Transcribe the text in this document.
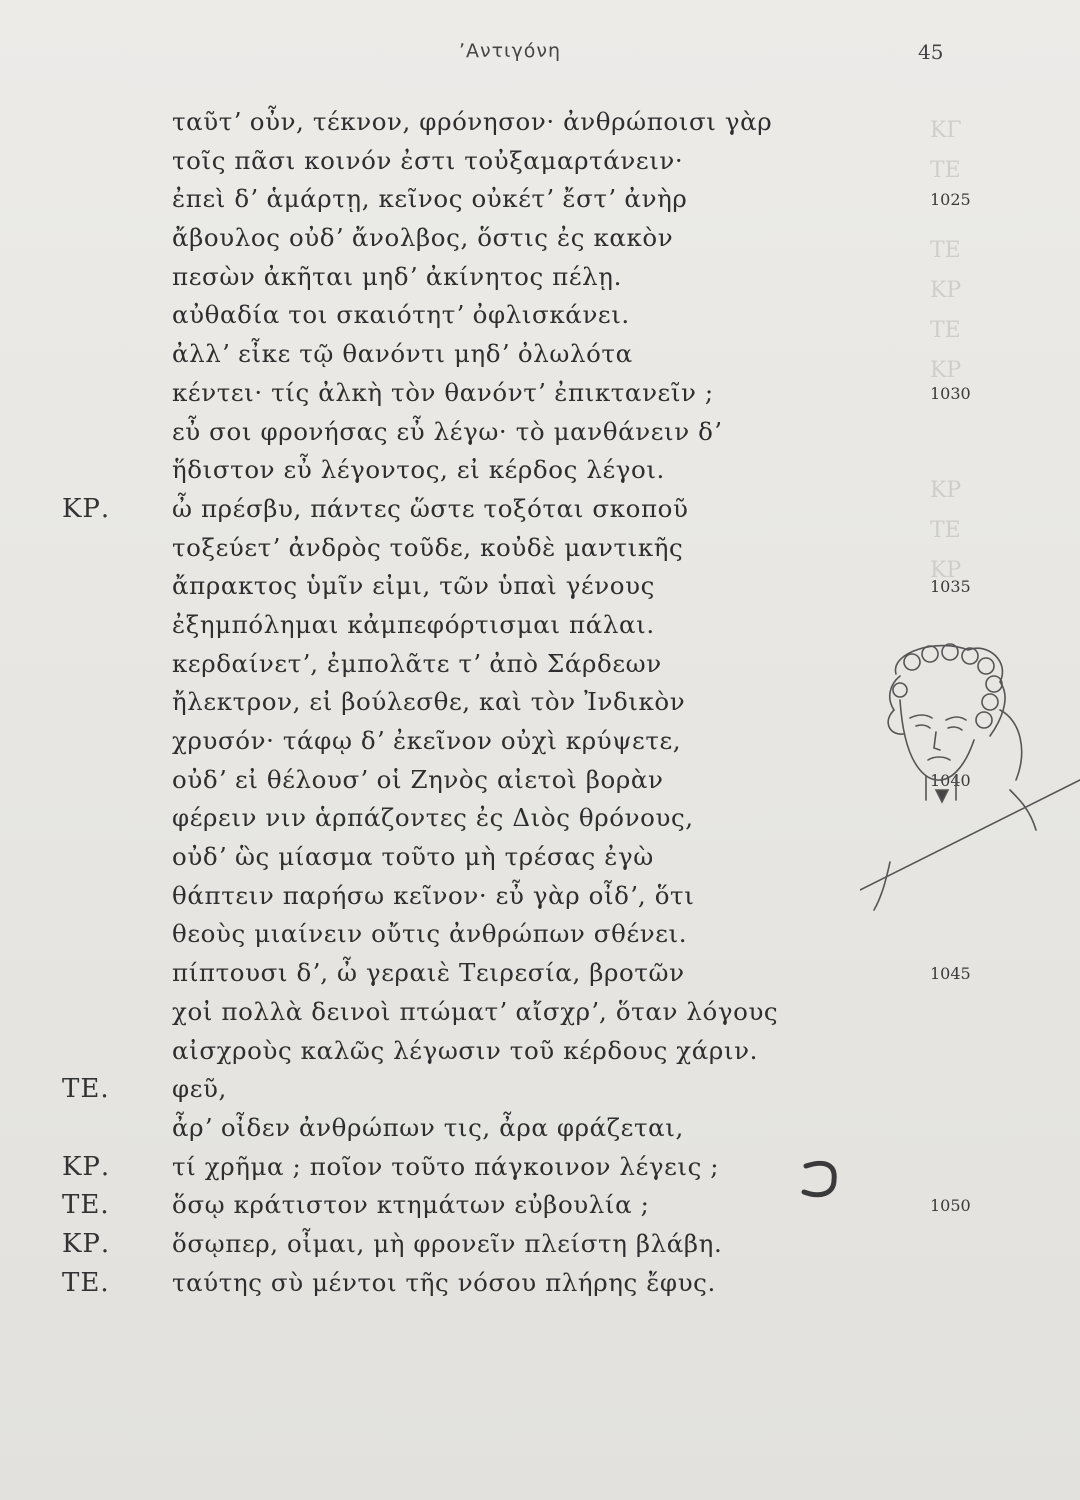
ΚΓ
ΤΕ
ΤΕ
ΚΡ
ΤΕ
ΚΡ
ΚΡ
ΤΕ
ΚΡ
ʼΑντιγόνη	45
ταῦτʼ οὖν, τέκνον, φρόνησον· ἀνθρώποισι γὰρ
τοῖς πᾶσι κοινόν ἐστι τοὐξαμαρτάνειν·
ἐπεὶ δʼ ἁμάρτῃ, κεῖνος οὐκέτʼ ἔστʼ ἀνὴρ	1025
ἄβουλος οὐδʼ ἄνολβος, ὅστις ἐς κακὸν
πεσὼν ἀκῆται μηδʼ ἀκίνητος πέλῃ.
αὐθαδία τοι σκαιότητʼ ὀφλισκάνει.
ἀλλʼ εἶκε τῷ θανόντι μηδʼ ὀλωλότα
κέντει· τίς ἀλκὴ τὸν θανόντʼ ἐπικτανεῖν ;	1030
εὖ σοι φρονήσας εὖ λέγω· τὸ μανθάνειν δʼ
ἥδιστον εὖ λέγοντος, εἰ κέρδος λέγοι.
ΚΡ.	ὦ πρέσβυ, πάντες ὥστε τοξόται σκοποῦ
τοξεύετʼ ἀνδρὸς τοῦδε, κοὐδὲ μαντικῆς
ἄπρακτος ὑμῖν εἰμι, τῶν ὑπαὶ γένους	1035
ἐξημπόλημαι κἀμπεφόρτισμαι πάλαι.
κερδαίνετʼ, ἐμπολᾶτε τʼ ἀπὸ Σάρδεων
ἤλεκτρον, εἰ βούλεσθε, καὶ τὸν Ἰνδικὸν
χρυσόν· τάφῳ δʼ ἐκεῖνον οὐχὶ κρύψετε,
οὐδʼ εἰ θέλουσʼ οἱ Ζηνὸς αἰετοὶ βορὰν	1040
φέρειν νιν ἁρπάζοντες ἐς Διὸς θρόνους,
οὐδʼ ὣς μίασμα τοῦτο μὴ τρέσας ἐγὼ
θάπτειν παρήσω κεῖνον· εὖ γὰρ οἶδʼ, ὅτι
θεοὺς μιαίνειν οὔτις ἀνθρώπων σθένει.
πίπτουσι δʼ, ὦ γεραιὲ Τειρεσία, βροτῶν	1045
χοἰ πολλὰ δεινοὶ πτώματʼ αἴσχρʼ, ὅταν λόγους
αἰσχροὺς καλῶς λέγωσιν τοῦ κέρδους χάριν.
ΤΕ.	φεῦ,
ἆρʼ οἶδεν ἀνθρώπων τις, ἆρα φράζεται,
ΚΡ.	τί χρῆμα ; ποῖον τοῦτο πάγκοινον λέγεις ;
ΤΕ.	ὅσῳ κράτιστον κτημάτων εὐβουλία ;	1050
ΚΡ.	ὅσῳπερ, οἶμαι, μὴ φρονεῖν πλείστη βλάβη.
ΤΕ.	ταύτης σὺ μέντοι τῆς νόσου πλήρης ἔφυς.
